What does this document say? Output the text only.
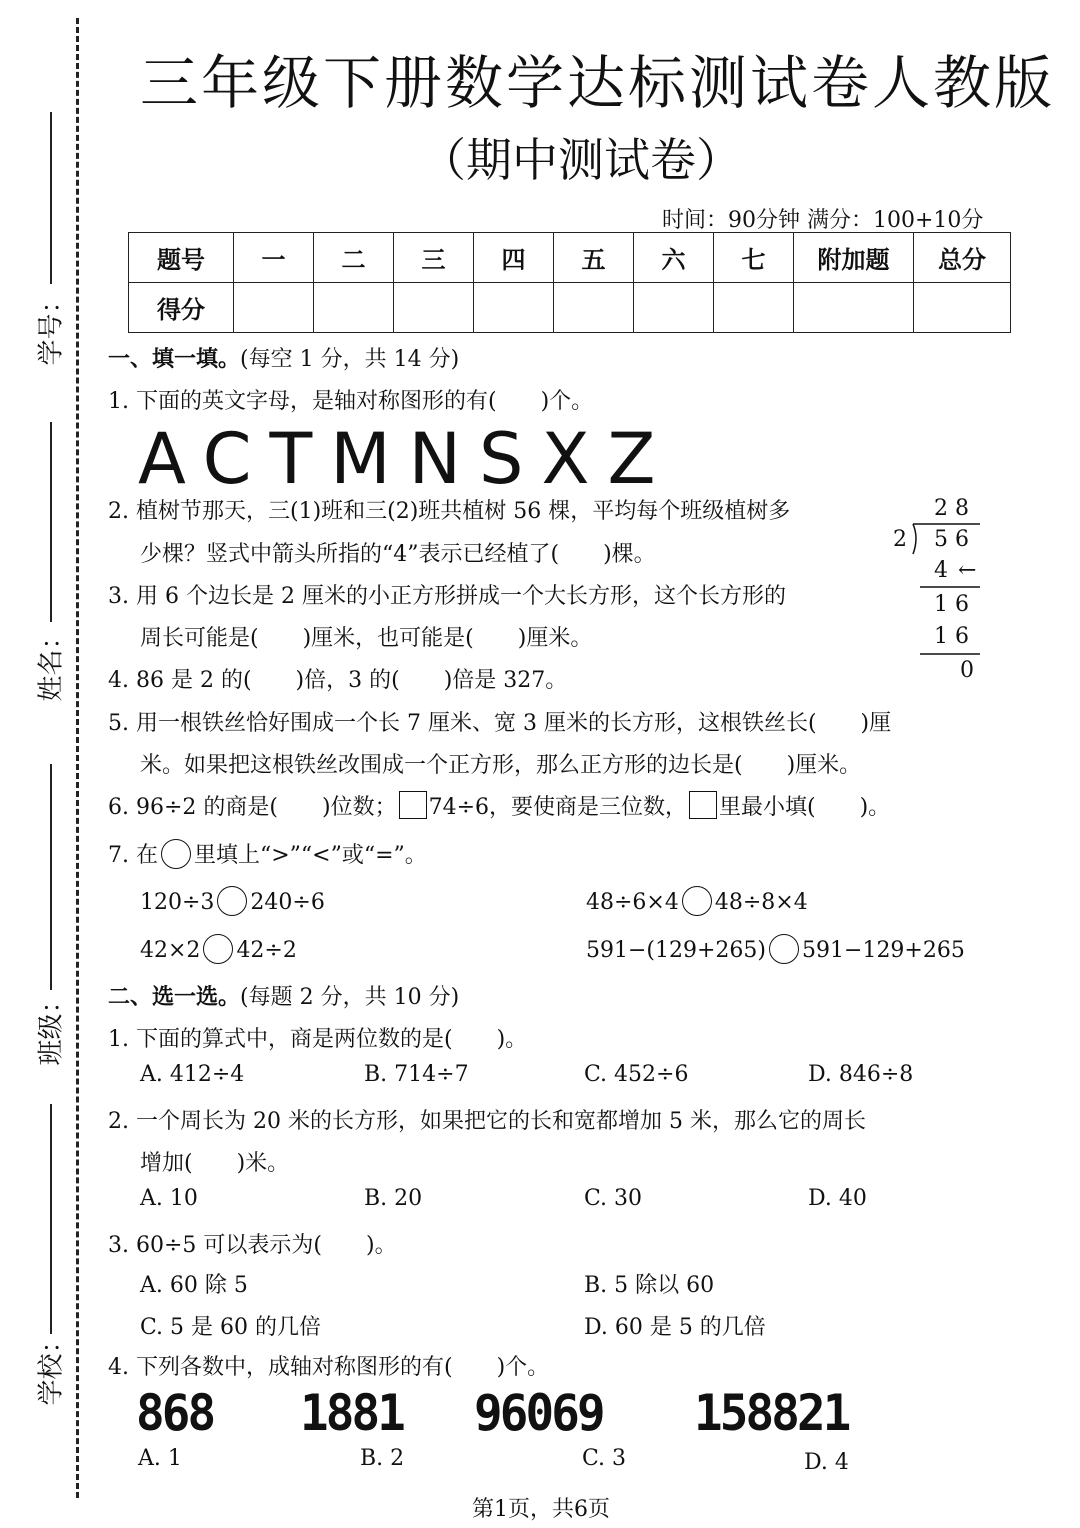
学号：
姓名：
班级：
学校：
三年级下册数学达标测试卷人教版
（期中测试卷）
时间：90分钟 满分：100+10分
题号	一	二	三	四	五	六	七	附加题	总分
得分									
一、填一填。(每空 1 分，共 14 分)
1. 下面的英文字母，是轴对称图形的有(　　)个。
ACTMNSXZ
2. 植树节那天，三(1)班和三(2)班共植树 56 棵，平均每个班级植树多
少棵？竖式中箭头所指的“4”表示已经植了(　　)棵。
3. 用 6 个边长是 2 厘米的小正方形拼成一个大长方形，这个长方形的
周长可能是(　　)厘米，也可能是(　　)厘米。
4. 86 是 2 的(　　)倍，3 的(　　)倍是 327。
5. 用一根铁丝恰好围成一个长 7 厘米、宽 3 厘米的长方形，这根铁丝长(　　)厘
米。如果把这根铁丝改围成一个正方形，那么正方形的边长是(　　)厘米。
6. 96÷2 的商是(　　)位数； 74÷6，要使商是三位数， 里最小填(　　)。
7. 在 里填上“>”“<”或“=”。
120÷3 240÷6	48÷6×4 48÷8×4
42×2 42÷2	591−(129+265) 591−129+265
2 8
2 5 6
4 ←
1 6
1 6
0
二、选一选。(每题 2 分，共 10 分)
1. 下面的算式中，商是两位数的是(　　)。
A. 412÷4	B. 714÷7	C. 452÷6	D. 846÷8
2. 一个周长为 20 米的长方形，如果把它的长和宽都增加 5 米，那么它的周长
增加(　　)米。
A. 10	B. 20	C. 30	D. 40
3. 60÷5 可以表示为(　　)。
A. 60 除 5	B. 5 除以 60
C. 5 是 60 的几倍	D. 60 是 5 的几倍
4. 下列各数中，成轴对称图形的有(　　)个。
868 1881 96069 158821
A. 1	B. 2	C. 3	D. 4
第1页，共6页
